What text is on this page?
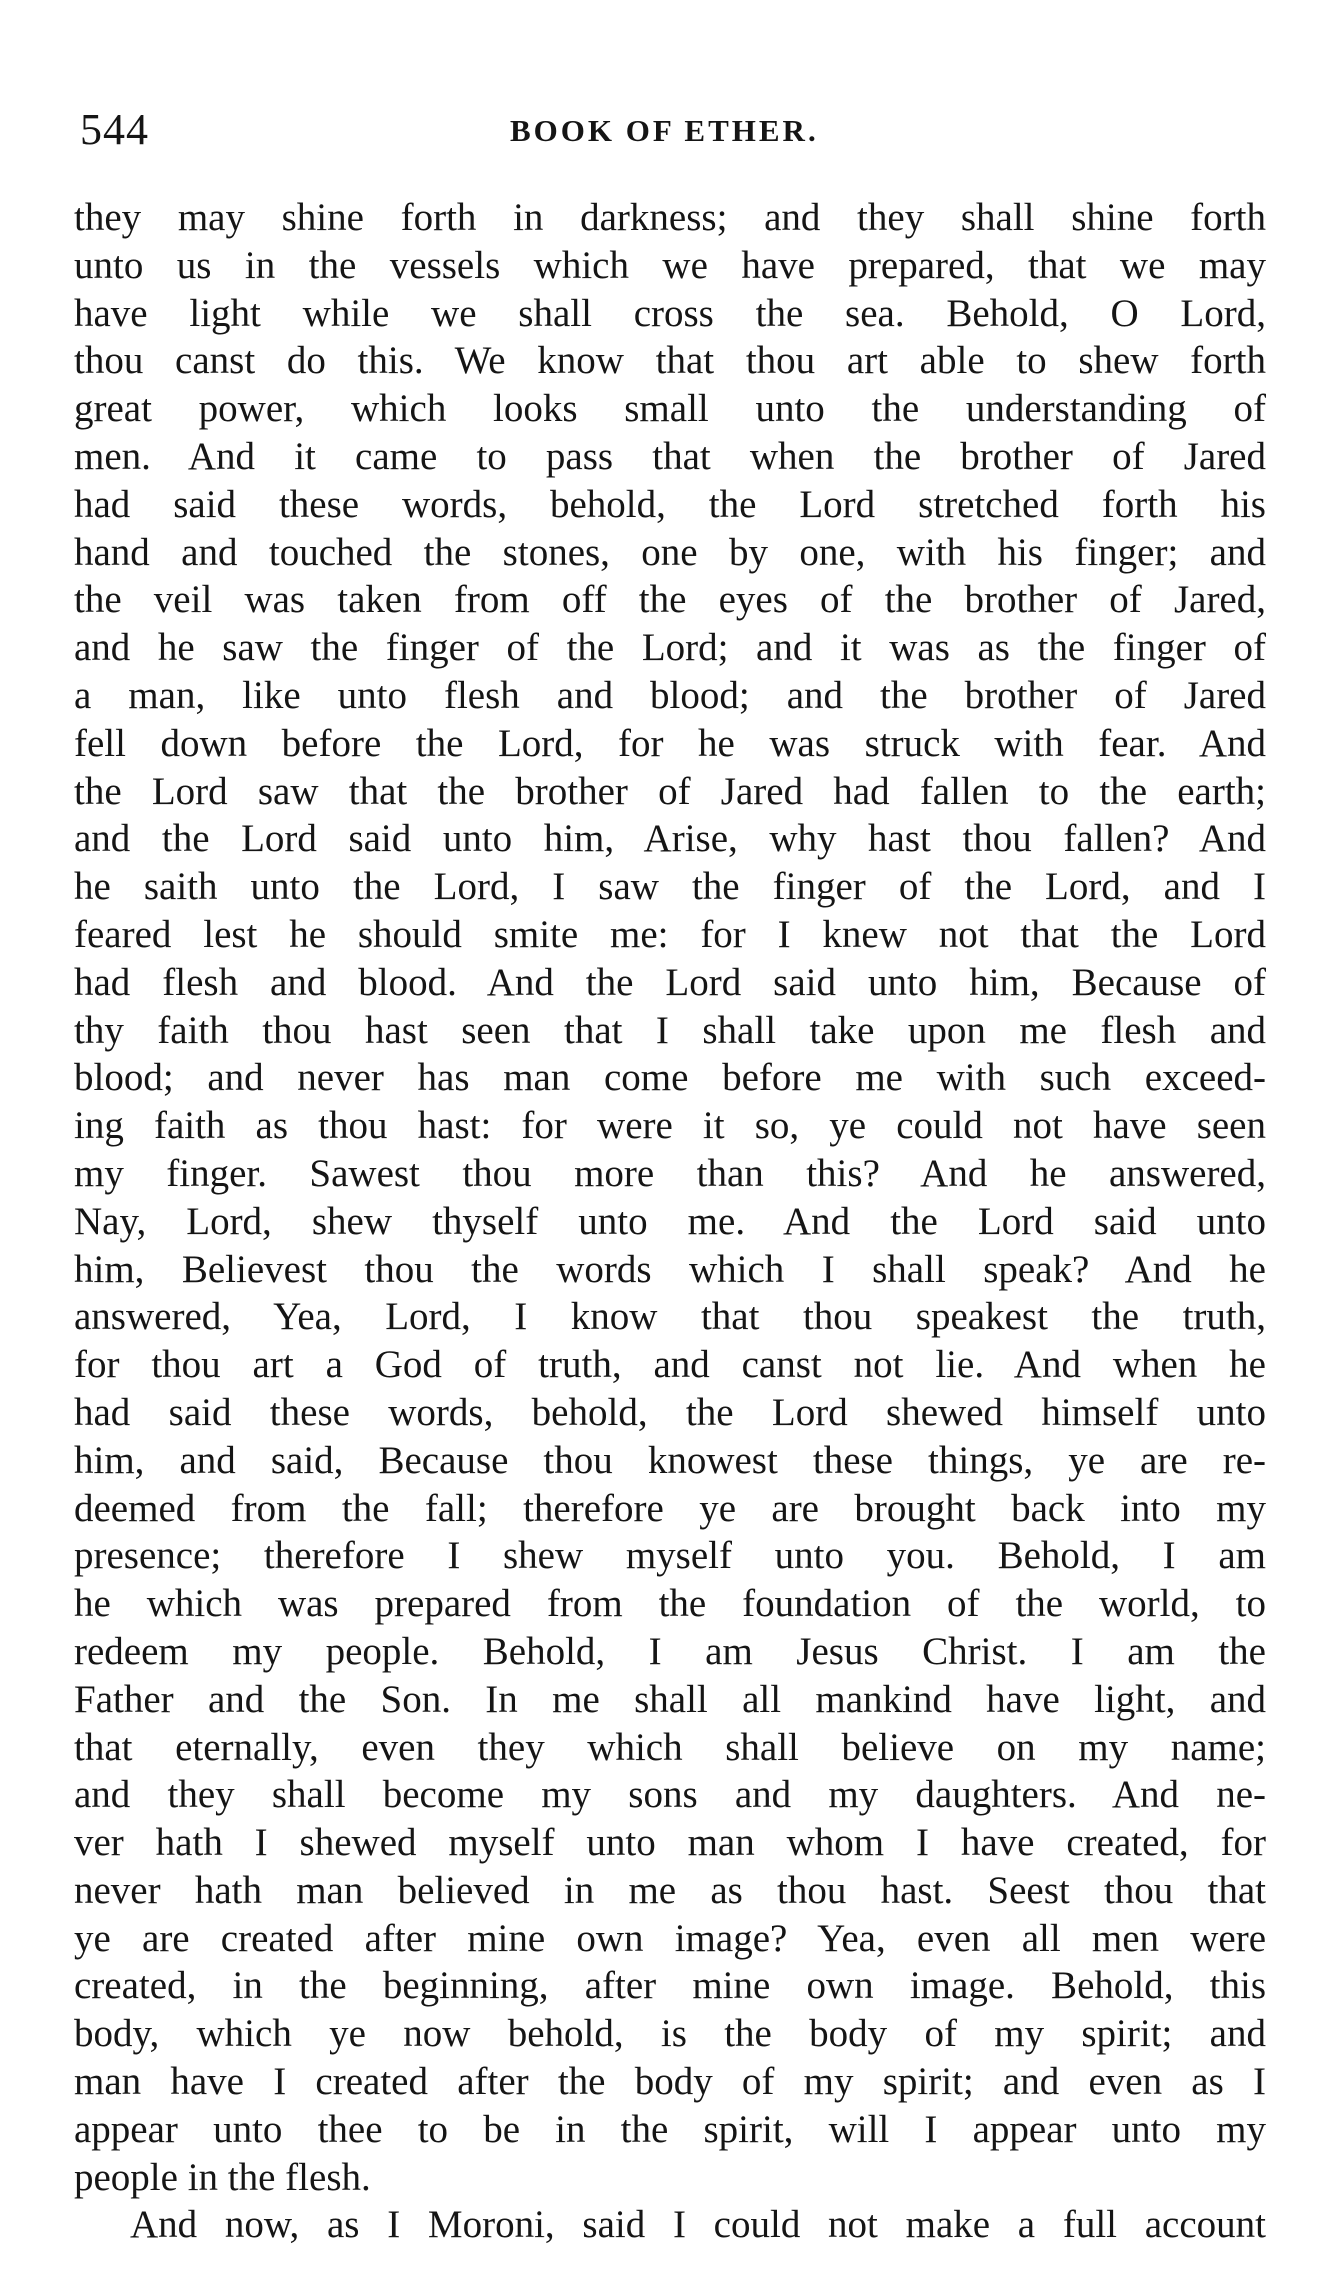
544	BOOK OF ETHER.
they may shine forth in darkness; and they shall shine forth
unto us in the vessels which we have prepared, that we may
have light while we shall cross the sea. Behold, O Lord,
thou canst do this. We know that thou art able to shew forth
great power, which looks small unto the understanding of
men. And it came to pass that when the brother of Jared
had said these words, behold, the Lord stretched forth his
hand and touched the stones, one by one, with his finger; and
the veil was taken from off the eyes of the brother of Jared,
and he saw the finger of the Lord; and it was as the finger of
a man, like unto flesh and blood; and the brother of Jared
fell down before the Lord, for he was struck with fear. And
the Lord saw that the brother of Jared had fallen to the earth;
and the Lord said unto him, Arise, why hast thou fallen? And
he saith unto the Lord, I saw the finger of the Lord, and I
feared lest he should smite me: for I knew not that the Lord
had flesh and blood. And the Lord said unto him, Because of
thy faith thou hast seen that I shall take upon me flesh and
blood; and never has man come before me with such exceed-
ing faith as thou hast: for were it so, ye could not have seen
my finger. Sawest thou more than this? And he answered,
Nay, Lord, shew thyself unto me. And the Lord said unto
him, Believest thou the words which I shall speak? And he
answered, Yea, Lord, I know that thou speakest the truth,
for thou art a God of truth, and canst not lie. And when he
had said these words, behold, the Lord shewed himself unto
him, and said, Because thou knowest these things, ye are re-
deemed from the fall; therefore ye are brought back into my
presence; therefore I shew myself unto you. Behold, I am
he which was prepared from the foundation of the world, to
redeem my people. Behold, I am Jesus Christ. I am the
Father and the Son. In me shall all mankind have light, and
that eternally, even they which shall believe on my name;
and they shall become my sons and my daughters. And ne-
ver hath I shewed myself unto man whom I have created, for
never hath man believed in me as thou hast. Seest thou that
ye are created after mine own image? Yea, even all men were
created, in the beginning, after mine own image. Behold, this
body, which ye now behold, is the body of my spirit; and
man have I created after the body of my spirit; and even as I
appear unto thee to be in the spirit, will I appear unto my
people in the flesh.
And now, as I Moroni, said I could not make a full account
